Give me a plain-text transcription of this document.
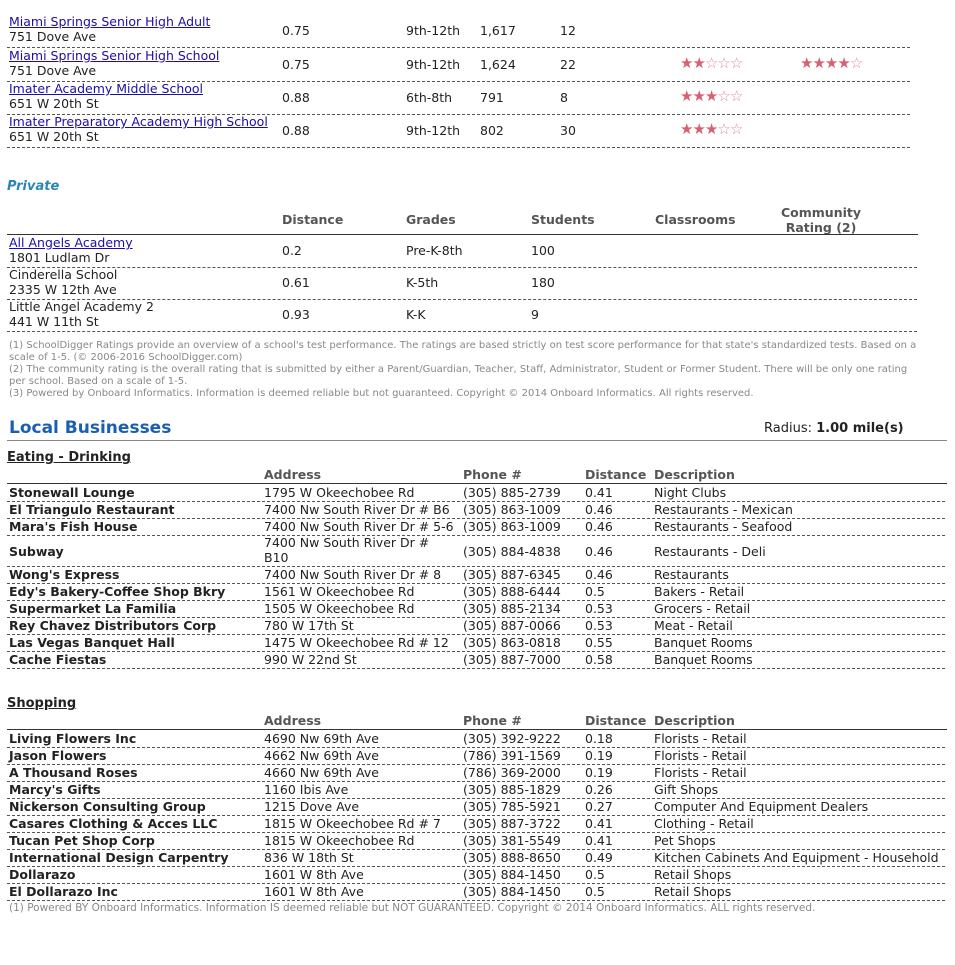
Miami Springs Senior High Adult
751 Dove Ave	0.75	9th-12th 1,617	12
Miami Springs Senior High School
751 Dove Ave	0.75	9th-12th 1,624	22	★★☆☆☆	★★★★☆
Imater Academy Middle School
651 W 20th St	0.88	6th-8th 791	8	★★★☆☆
Imater Preparatory Academy High School
651 W 20th St	0.88	9th-12th 802	30	★★★☆☆
Private
Distance	Grades	Students	Classrooms	Community
Rating (2)
All Angels Academy
1801 Ludlam Dr	0.2	Pre-K-8th	100
Cinderella School
2335 W 12th Ave	0.61	K-5th	180
Little Angel Academy 2
441 W 11th St	0.93	K-K	9
(1) SchoolDigger Ratings provide an overview of a school's test performance. The ratings are based strictly on test score performance for that state's standardized tests. Based on a scale of 1-5. (© 2006-2016 SchoolDigger.com)
(2) The community rating is the overall rating that is submitted by either a Parent/Guardian, Teacher, Staff, Administrator, Student or Former Student. There will be only one rating per school. Based on a scale of 1-5.
(3) Powered by Onboard Informatics. Information is deemed reliable but not guaranteed. Copyright © 2014 Onboard Informatics. All rights reserved.
Local Businesses	Radius: 1.00 mile(s)
Eating - Drinking
Address	Phone #	Distance Description
Stonewall Lounge	1795 W Okeechobee Rd	(305) 885-2739 0.41	Night Clubs
El Triangulo Restaurant	7400 Nw South River Dr # B6 (305) 863-1009 0.46	Restaurants - Mexican
Mara's Fish House	7400 Nw South River Dr # 5-6 (305) 863-1009 0.46	Restaurants - Seafood
Subway
7400 Nw South River Dr #
B10	(305) 884-4838 0.46	Restaurants - Deli
Wong's Express	7400 Nw South River Dr # 8 (305) 887-6345 0.46	Restaurants
Edy's Bakery-Coffee Shop Bkry	1561 W Okeechobee Rd	(305) 888-6444 0.5	Bakers - Retail
Supermarket La Familia	1505 W Okeechobee Rd	(305) 885-2134 0.53	Grocers - Retail
Rey Chavez Distributors Corp	780 W 17th St	(305) 887-0066 0.53	Meat - Retail
Las Vegas Banquet Hall	1475 W Okeechobee Rd # 12 (305) 863-0818 0.55	Banquet Rooms
Cache Fiestas	990 W 22nd St	(305) 887-7000 0.58	Banquet Rooms
Shopping
Address	Phone #	Distance Description
Living Flowers Inc	4690 Nw 69th Ave	(305) 392-9222 0.18	Florists - Retail
Jason Flowers	4662 Nw 69th Ave	(786) 391-1569 0.19	Florists - Retail
A Thousand Roses	4660 Nw 69th Ave	(786) 369-2000 0.19	Florists - Retail
Marcy's Gifts	1160 Ibis Ave	(305) 885-1829 0.26	Gift Shops
Nickerson Consulting Group	1215 Dove Ave	(305) 785-5921 0.27	Computer And Equipment Dealers
Casares Clothing & Acces LLC	1815 W Okeechobee Rd # 7 (305) 887-3722 0.41	Clothing - Retail
Tucan Pet Shop Corp	1815 W Okeechobee Rd	(305) 381-5549 0.41	Pet Shops
International Design Carpentry	836 W 18th St	(305) 888-8650 0.49	Kitchen Cabinets And Equipment - Household
Dollarazo	1601 W 8th Ave	(305) 884-1450 0.5	Retail Shops
El Dollarazo Inc	1601 W 8th Ave	(305) 884-1450 0.5	Retail Shops
(1) Powered BY Onboard Informatics. Information IS deemed reliable but NOT GUARANTEED. Copyright © 2014 Onboard Informatics. ALL rights reserved.
